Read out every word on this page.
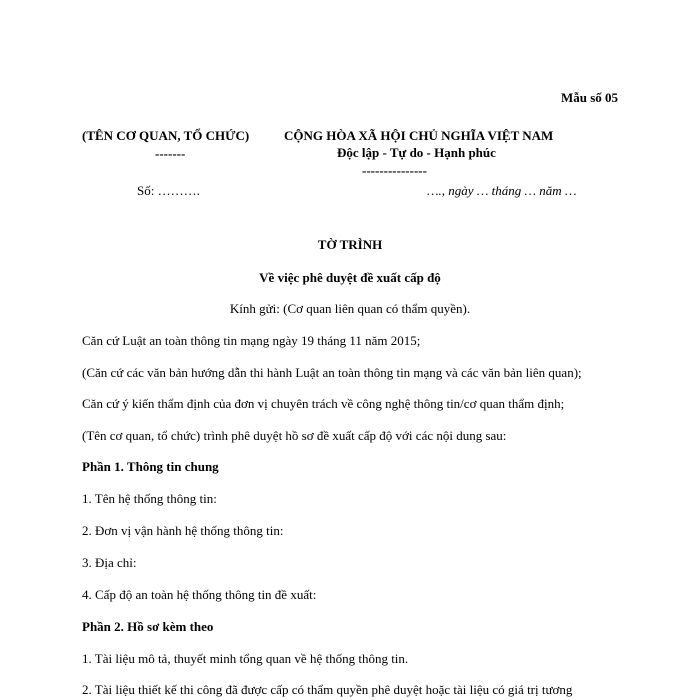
Mẫu số 05
(TÊN CƠ QUAN, TỔ CHỨC)
-------
CỘNG HÒA XÃ HỘI CHỦ NGHĨA VIỆT NAM
Độc lập - Tự do - Hạnh phúc
---------------
Số: ……….	…., ngày … tháng … năm …
TỜ TRÌNH
Về việc phê duyệt đề xuất cấp độ
Kính gửi: (Cơ quan liên quan có thẩm quyền).
Căn cứ Luật an toàn thông tin mạng ngày 19 tháng 11 năm 2015;
(Căn cứ các văn bản hướng dẫn thi hành Luật an toàn thông tin mạng và các văn bản liên quan);
Căn cứ ý kiến thẩm định của đơn vị chuyên trách về công nghệ thông tin/cơ quan thẩm định;
(Tên cơ quan, tổ chức) trình phê duyệt hồ sơ đề xuất cấp độ với các nội dung sau:
Phần 1. Thông tin chung
1. Tên hệ thống thông tin:
2. Đơn vị vận hành hệ thống thông tin:
3. Địa chỉ:
4. Cấp độ an toàn hệ thống thông tin đề xuất:
Phần 2. Hồ sơ kèm theo
1. Tài liệu mô tả, thuyết minh tổng quan về hệ thống thông tin.
2. Tài liệu thiết kế thi công đã được cấp có thẩm quyền phê duyệt hoặc tài liệu có giá trị tương
